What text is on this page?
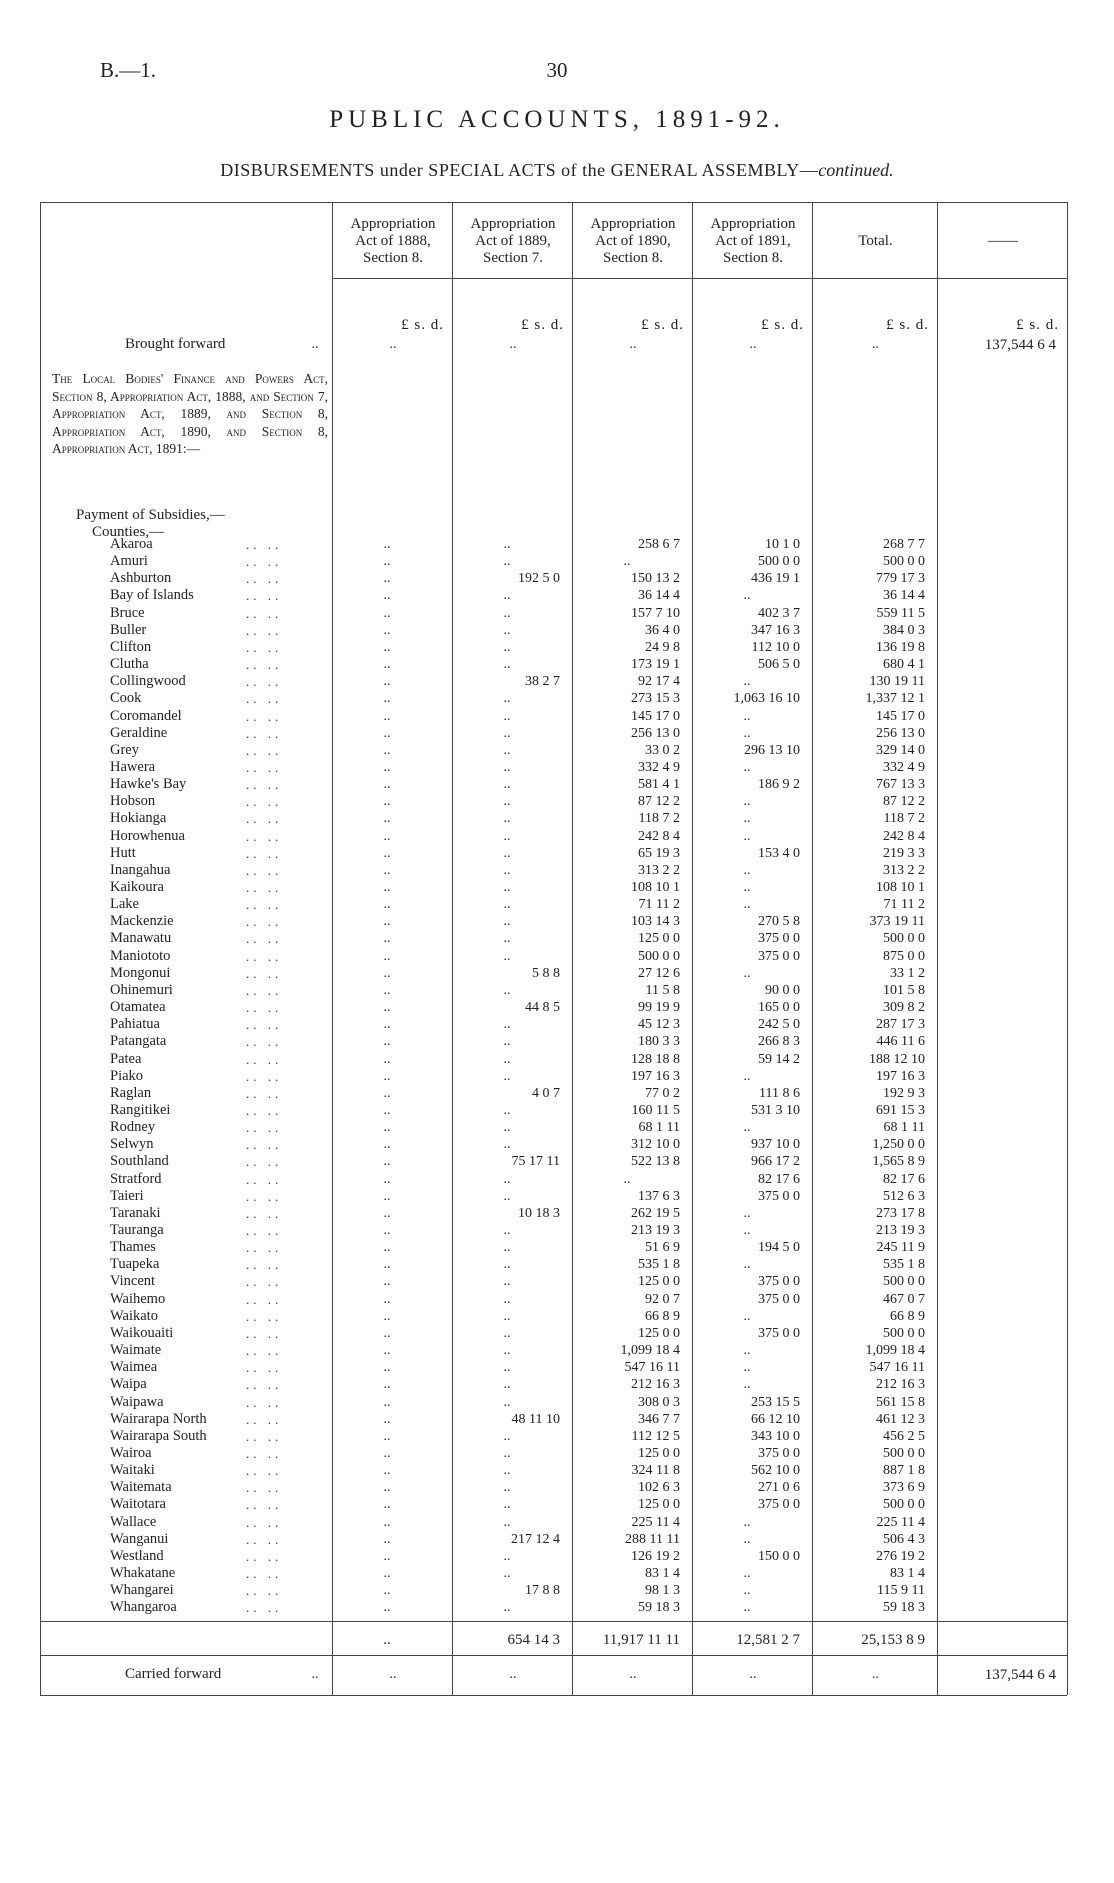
B.—1.	30
PUBLIC ACCOUNTS, 1891-92.
DISBURSEMENTS under SPECIAL ACTS of the GENERAL ASSEMBLY—continued.
Appropriation
Act of 1888,
Section 8.
Appropriation
Act of 1889,
Section 7.
Appropriation
Act of 1890,
Section 8.
Appropriation
Act of 1891,
Section 8.
Total.	——
£ s. d.	£ s. d.	£ s. d.	£ s. d.	£ s. d.	£ s. d.
Brought forward	..	..	..	..	..	..	137,544 6 4
The Local Bodies' Finance and Powers Act, Section 8, Appropriation Act, 1888, and Section 7, Appropriation Act, 1889, and Section 8, Appropriation Act, 1890, and Section 8, Appropriation Act, 1891:—
Payment of Subsidies,—
Counties,—
Akaroa	.. ..	..	..	258 6 7	10 1 0	268 7 7
Amuri	.. ..	..	..	..	500 0 0	500 0 0
Ashburton	.. ..	..	192 5 0	150 13 2	436 19 1	779 17 3
Bay of Islands	.. ..	..	..	36 14 4	..	36 14 4
Bruce	.. ..	..	..	157 7 10	402 3 7	559 11 5
Buller	.. ..	..	..	36 4 0	347 16 3	384 0 3
Clifton	.. ..	..	..	24 9 8	112 10 0	136 19 8
Clutha	.. ..	..	..	173 19 1	506 5 0	680 4 1
Collingwood	.. ..	..	38 2 7	92 17 4	..	130 19 11
Cook	.. ..	..	..	273 15 3	1,063 16 10	1,337 12 1
Coromandel	.. ..	..	..	145 17 0	..	145 17 0
Geraldine	.. ..	..	..	256 13 0	..	256 13 0
Grey	.. ..	..	..	33 0 2	296 13 10	329 14 0
Hawera	.. ..	..	..	332 4 9	..	332 4 9
Hawke's Bay	.. ..	..	..	581 4 1	186 9 2	767 13 3
Hobson	.. ..	..	..	87 12 2	..	87 12 2
Hokianga	.. ..	..	..	118 7 2	..	118 7 2
Horowhenua	.. ..	..	..	242 8 4	..	242 8 4
Hutt	.. ..	..	..	65 19 3	153 4 0	219 3 3
Inangahua	.. ..	..	..	313 2 2	..	313 2 2
Kaikoura	.. ..	..	..	108 10 1	..	108 10 1
Lake	.. ..	..	..	71 11 2	..	71 11 2
Mackenzie	.. ..	..	..	103 14 3	270 5 8	373 19 11
Manawatu	.. ..	..	..	125 0 0	375 0 0	500 0 0
Maniototo	.. ..	..	..	500 0 0	375 0 0	875 0 0
Mongonui	.. ..	..	5 8 8	27 12 6	..	33 1 2
Ohinemuri	.. ..	..	..	11 5 8	90 0 0	101 5 8
Otamatea	.. ..	..	44 8 5	99 19 9	165 0 0	309 8 2
Pahiatua	.. ..	..	..	45 12 3	242 5 0	287 17 3
Patangata	.. ..	..	..	180 3 3	266 8 3	446 11 6
Patea	.. ..	..	..	128 18 8	59 14 2	188 12 10
Piako	.. ..	..	..	197 16 3	..	197 16 3
Raglan	.. ..	..	4 0 7	77 0 2	111 8 6	192 9 3
Rangitikei	.. ..	..	..	160 11 5	531 3 10	691 15 3
Rodney	.. ..	..	..	68 1 11	..	68 1 11
Selwyn	.. ..	..	..	312 10 0	937 10 0	1,250 0 0
Southland	.. ..	..	75 17 11	522 13 8	966 17 2	1,565 8 9
Stratford	.. ..	..	..	..	82 17 6	82 17 6
Taieri	.. ..	..	..	137 6 3	375 0 0	512 6 3
Taranaki	.. ..	..	10 18 3	262 19 5	..	273 17 8
Tauranga	.. ..	..	..	213 19 3	..	213 19 3
Thames	.. ..	..	..	51 6 9	194 5 0	245 11 9
Tuapeka	.. ..	..	..	535 1 8	..	535 1 8
Vincent	.. ..	..	..	125 0 0	375 0 0	500 0 0
Waihemo	.. ..	..	..	92 0 7	375 0 0	467 0 7
Waikato	.. ..	..	..	66 8 9	..	66 8 9
Waikouaiti	.. ..	..	..	125 0 0	375 0 0	500 0 0
Waimate	.. ..	..	..	1,099 18 4	..	1,099 18 4
Waimea	.. ..	..	..	547 16 11	..	547 16 11
Waipa	.. ..	..	..	212 16 3	..	212 16 3
Waipawa	.. ..	..	..	308 0 3	253 15 5	561 15 8
Wairarapa North	.. ..	..	48 11 10	346 7 7	66 12 10	461 12 3
Wairarapa South	.. ..	..	..	112 12 5	343 10 0	456 2 5
Wairoa	.. ..	..	..	125 0 0	375 0 0	500 0 0
Waitaki	.. ..	..	..	324 11 8	562 10 0	887 1 8
Waitemata	.. ..	..	..	102 6 3	271 0 6	373 6 9
Waitotara	.. ..	..	..	125 0 0	375 0 0	500 0 0
Wallace	.. ..	..	..	225 11 4	..	225 11 4
Wanganui	.. ..	..	217 12 4	288 11 11	..	506 4 3
Westland	.. ..	..	..	126 19 2	150 0 0	276 19 2
Whakatane	.. ..	..	..	83 1 4	..	83 1 4
Whangarei	.. ..	..	17 8 8	98 1 3	..	115 9 11
Whangaroa	.. ..	..	..	59 18 3	..	59 18 3
..	654 14 3	11,917 11 11	12,581 2 7	25,153 8 9
Carried forward	..	..	..	..	..	..	137,544 6 4
